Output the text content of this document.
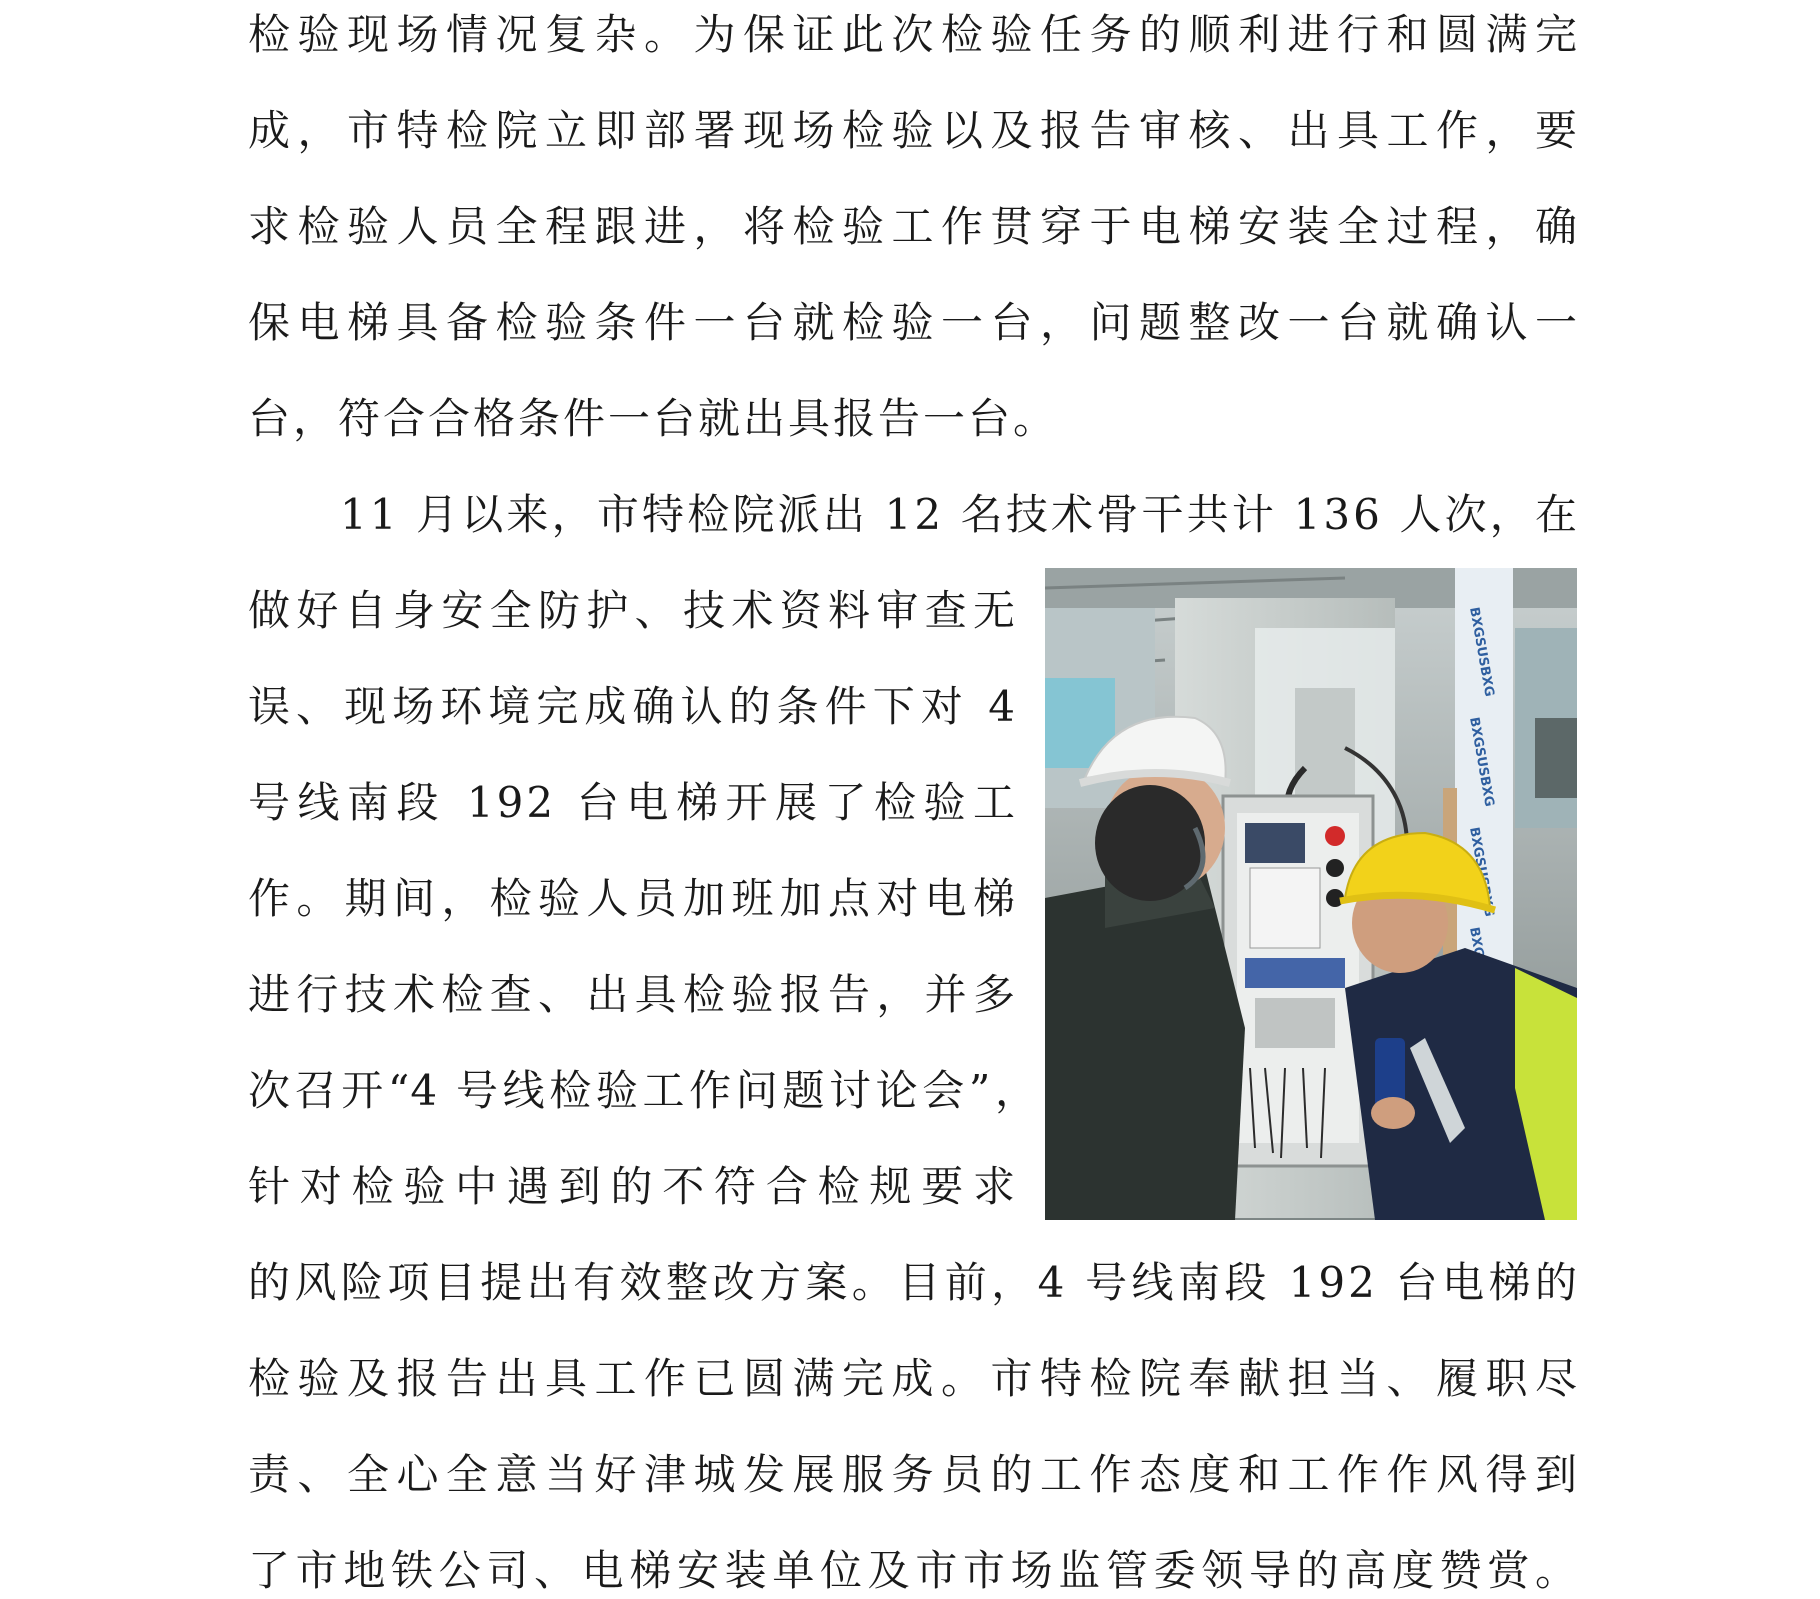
检验现场情况复杂。为保证此次检验任务的顺利进行和圆满完
成，市特检院立即部署现场检验以及报告审核、出具工作，要
求检验人员全程跟进，将检验工作贯穿于电梯安装全过程，确
保电梯具备检验条件一台就检验一台，问题整改一台就确认一
台，符合合格条件一台就出具报告一台。
11 月以来，市特检院派出 12 名技术骨干共计 136 人次，在
做好自身安全防护、技术资料审查无
误、现场环境完成确认的条件下对 4
号线南段 192 台电梯开展了检验工
作。期间，检验人员加班加点对电梯
进行技术检查、出具检验报告，并多
次召开“4 号线检验工作问题讨论会”，
针对检验中遇到的不符合检规要求
的风险项目提出有效整改方案。目前，4 号线南段 192 台电梯的
检验及报告出具工作已圆满完成。市特检院奉献担当、履职尽
责、全心全意当好津城发展服务员的工作态度和工作作风得到
了市地铁公司、电梯安装单位及市市场监管委领导的高度赞赏。
BXGSUSBXG
BXGSUSBXG
